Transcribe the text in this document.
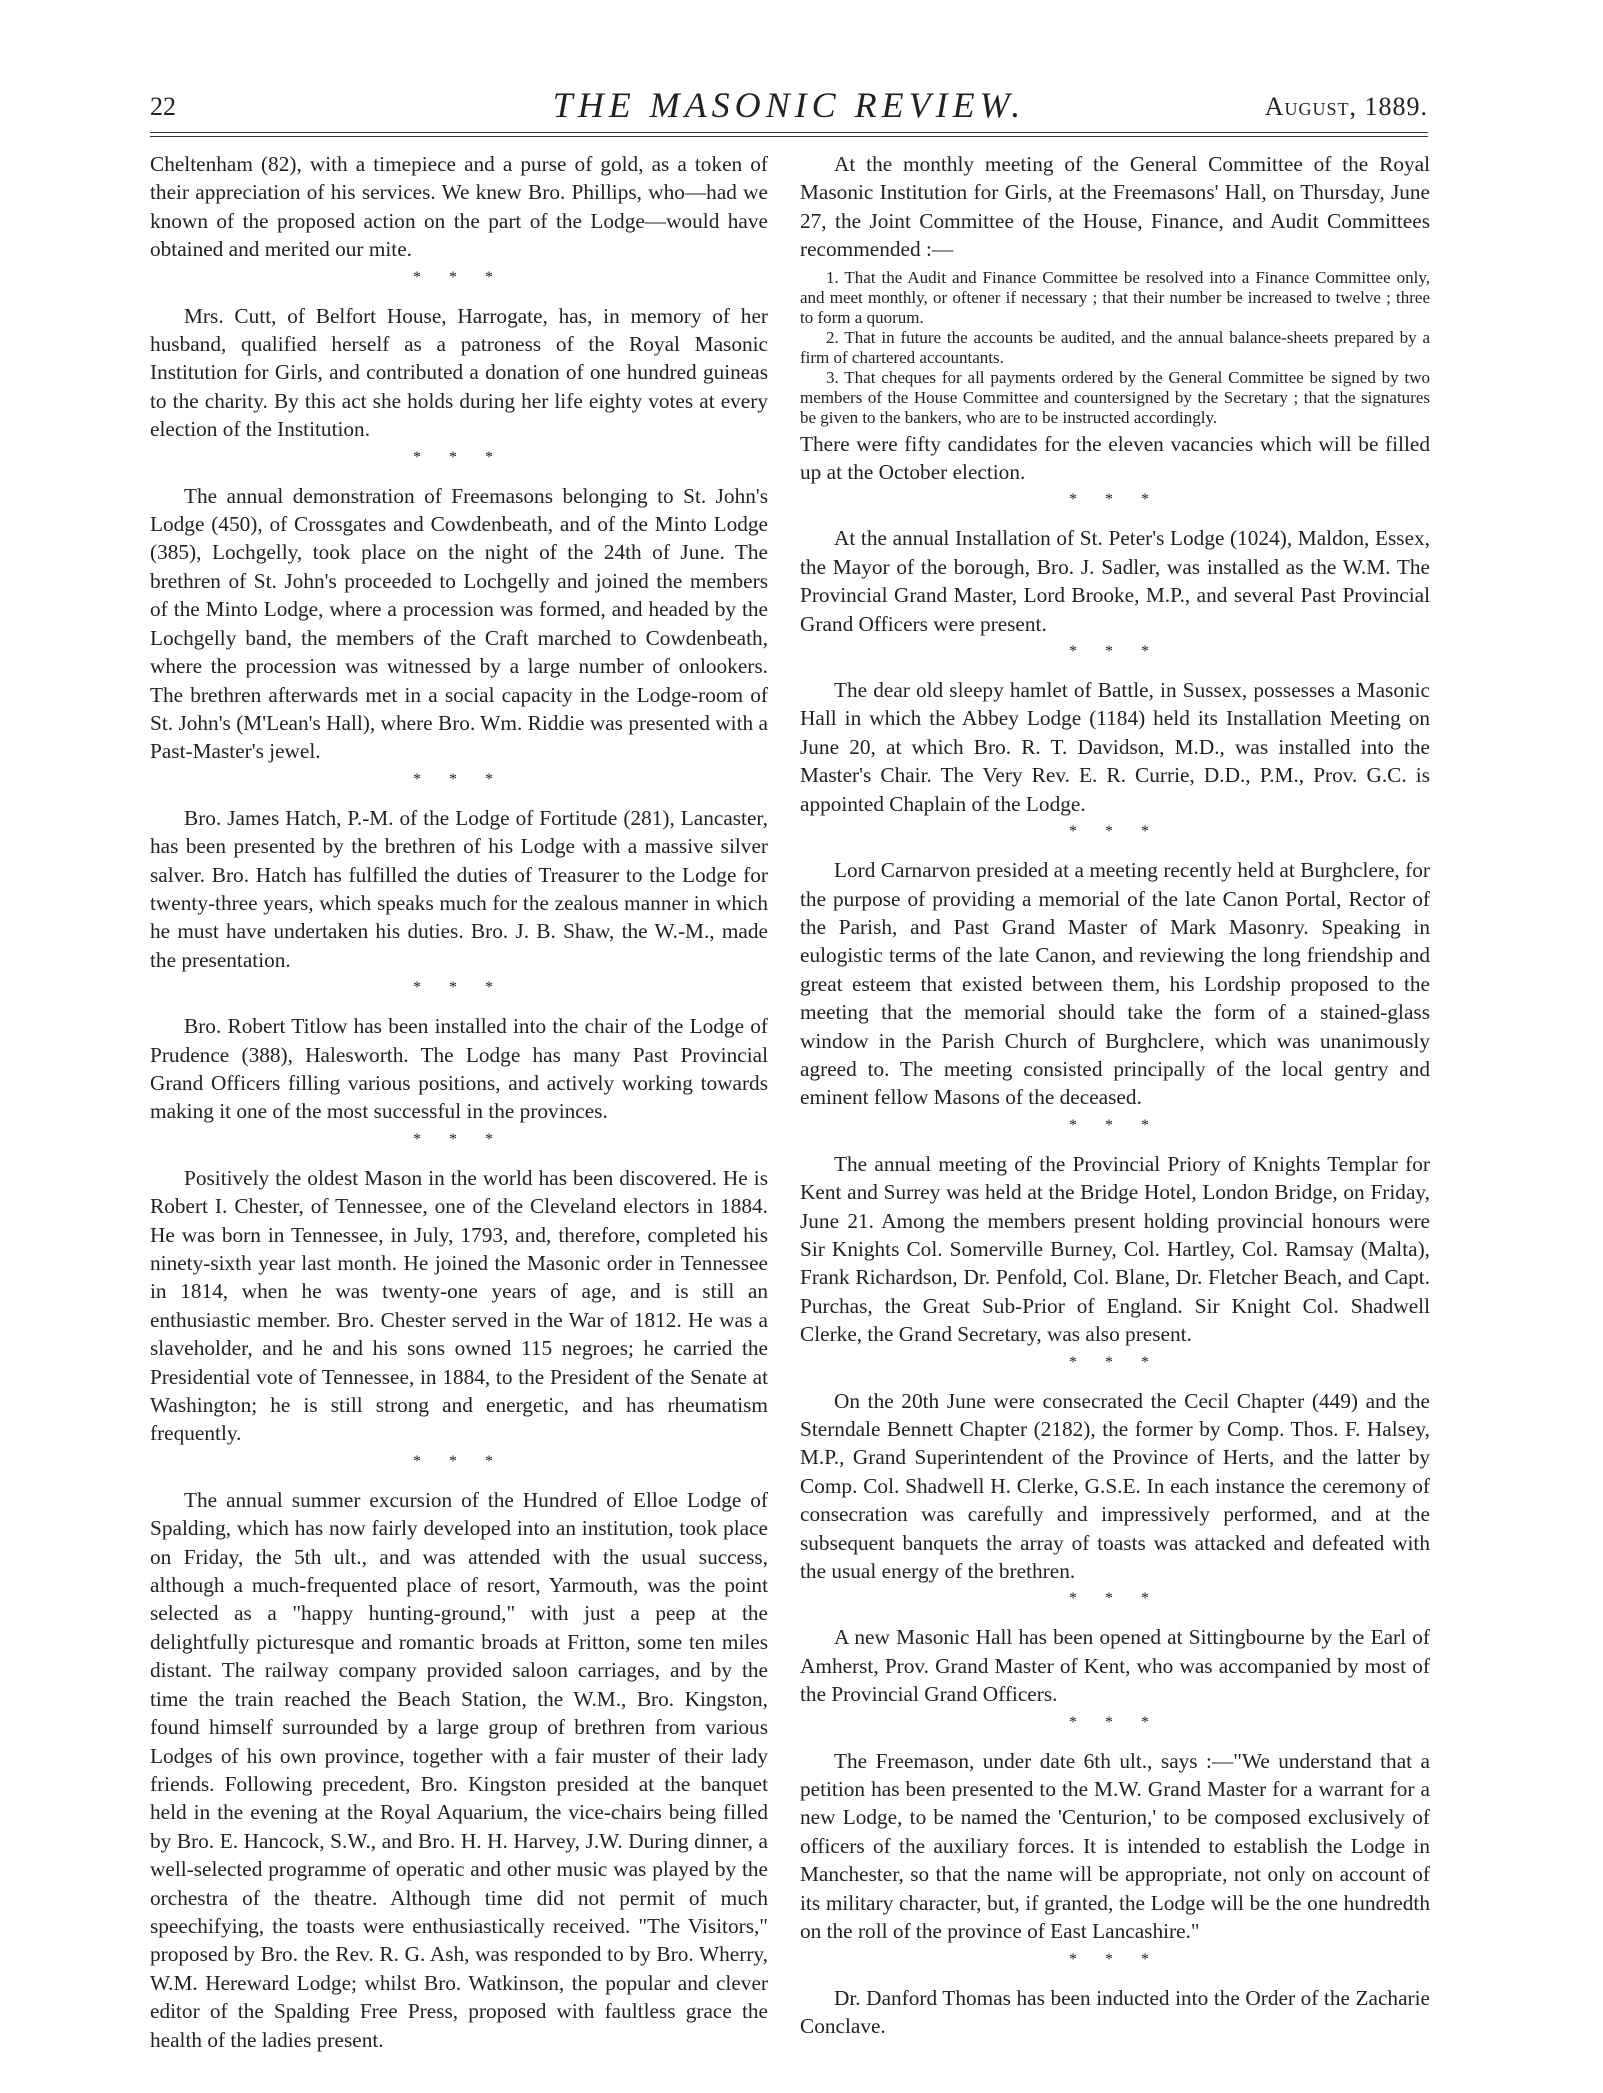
22	THE MASONIC REVIEW.	August, 1889.

Cheltenham (82), with a timepiece and a purse of gold, as a token of their appreciation of his services. We knew Bro. Phillips, who—had we known of the proposed action on the part of the Lodge—would have obtained and merited our mite.

* * *

Mrs. Cutt, of Belfort House, Harrogate, has, in memory of her husband, qualified herself as a patroness of the Royal Masonic Institution for Girls, and contributed a donation of one hundred guineas to the charity. By this act she holds during her life eighty votes at every election of the Institution.

* * *

The annual demonstration of Freemasons belonging to St. John's Lodge (450), of Crossgates and Cowdenbeath, and of the Minto Lodge (385), Lochgelly, took place on the night of the 24th of June. The brethren of St. John's proceeded to Lochgelly and joined the members of the Minto Lodge, where a procession was formed, and headed by the Lochgelly band, the members of the Craft marched to Cowdenbeath, where the procession was witnessed by a large number of onlookers. The brethren afterwards met in a social capacity in the Lodge-room of St. John's (M'Lean's Hall), where Bro. Wm. Riddie was presented with a Past-Master's jewel.

* * *

Bro. James Hatch, P.-M. of the Lodge of Fortitude (281), Lancaster, has been presented by the brethren of his Lodge with a massive silver salver. Bro. Hatch has fulfilled the duties of Treasurer to the Lodge for twenty-three years, which speaks much for the zealous manner in which he must have undertaken his duties. Bro. J. B. Shaw, the W.-M., made the presentation.

* * *

Bro. Robert Titlow has been installed into the chair of the Lodge of Prudence (388), Halesworth. The Lodge has many Past Provincial Grand Officers filling various positions, and actively working towards making it one of the most successful in the provinces.

* * *

Positively the oldest Mason in the world has been discovered. He is Robert I. Chester, of Tennessee, one of the Cleveland electors in 1884. He was born in Tennessee, in July, 1793, and, therefore, completed his ninety-sixth year last month. He joined the Masonic order in Tennessee in 1814, when he was twenty-one years of age, and is still an enthusiastic member. Bro. Chester served in the War of 1812. He was a slaveholder, and he and his sons owned 115 negroes; he carried the Presidential vote of Tennessee, in 1884, to the President of the Senate at Washington; he is still strong and energetic, and has rheumatism frequently.

* * *

The annual summer excursion of the Hundred of Elloe Lodge of Spalding, which has now fairly developed into an institution, took place on Friday, the 5th ult., and was attended with the usual success, although a much-frequented place of resort, Yarmouth, was the point selected as a "happy hunting-ground," with just a peep at the delightfully picturesque and romantic broads at Fritton, some ten miles distant. The railway company provided saloon carriages, and by the time the train reached the Beach Station, the W.M., Bro. Kingston, found himself surrounded by a large group of brethren from various Lodges of his own province, together with a fair muster of their lady friends. Following precedent, Bro. Kingston presided at the banquet held in the evening at the Royal Aquarium, the vice-chairs being filled by Bro. E. Hancock, S.W., and Bro. H. H. Harvey, J.W. During dinner, a well-selected programme of operatic and other music was played by the orchestra of the theatre. Although time did not permit of much speechifying, the toasts were enthusiastically received. "The Visitors," proposed by Bro. the Rev. R. G. Ash, was responded to by Bro. Wherry, W.M. Hereward Lodge; whilst Bro. Watkinson, the popular and clever editor of the Spalding Free Press, proposed with faultless grace the health of the ladies present.

At the monthly meeting of the General Committee of the Royal Masonic Institution for Girls, at the Freemasons' Hall, on Thursday, June 27, the Joint Committee of the House, Finance, and Audit Committees recommended :—

1. That the Audit and Finance Committee be resolved into a Finance Committee only, and meet monthly, or oftener if necessary ; that their number be increased to twelve ; three to form a quorum.

2. That in future the accounts be audited, and the annual balance-sheets prepared by a firm of chartered accountants.

3. That cheques for all payments ordered by the General Committee be signed by two members of the House Committee and countersigned by the Secretary ; that the signatures be given to the bankers, who are to be instructed accordingly.

There were fifty candidates for the eleven vacancies which will be filled up at the October election.

* * *

At the annual Installation of St. Peter's Lodge (1024), Maldon, Essex, the Mayor of the borough, Bro. J. Sadler, was installed as the W.M. The Provincial Grand Master, Lord Brooke, M.P., and several Past Provincial Grand Officers were present.

* * *

The dear old sleepy hamlet of Battle, in Sussex, possesses a Masonic Hall in which the Abbey Lodge (1184) held its Installation Meeting on June 20, at which Bro. R. T. Davidson, M.D., was installed into the Master's Chair. The Very Rev. E. R. Currie, D.D., P.M., Prov. G.C. is appointed Chaplain of the Lodge.

* * *

Lord Carnarvon presided at a meeting recently held at Burghclere, for the purpose of providing a memorial of the late Canon Portal, Rector of the Parish, and Past Grand Master of Mark Masonry. Speaking in eulogistic terms of the late Canon, and reviewing the long friendship and great esteem that existed between them, his Lordship proposed to the meeting that the memorial should take the form of a stained-glass window in the Parish Church of Burghclere, which was unanimously agreed to. The meeting consisted principally of the local gentry and eminent fellow Masons of the deceased.

* * *

The annual meeting of the Provincial Priory of Knights Templar for Kent and Surrey was held at the Bridge Hotel, London Bridge, on Friday, June 21. Among the members present holding provincial honours were Sir Knights Col. Somerville Burney, Col. Hartley, Col. Ramsay (Malta), Frank Richardson, Dr. Penfold, Col. Blane, Dr. Fletcher Beach, and Capt. Purchas, the Great Sub-Prior of England. Sir Knight Col. Shadwell Clerke, the Grand Secretary, was also present.

* * *

On the 20th June were consecrated the Cecil Chapter (449) and the Sterndale Bennett Chapter (2182), the former by Comp. Thos. F. Halsey, M.P., Grand Superintendent of the Province of Herts, and the latter by Comp. Col. Shadwell H. Clerke, G.S.E. In each instance the ceremony of consecration was carefully and impressively performed, and at the subsequent banquets the array of toasts was attacked and defeated with the usual energy of the brethren.

* * *

A new Masonic Hall has been opened at Sittingbourne by the Earl of Amherst, Prov. Grand Master of Kent, who was accompanied by most of the Provincial Grand Officers.

* * *

The Freemason, under date 6th ult., says :—"We understand that a petition has been presented to the M.W. Grand Master for a warrant for a new Lodge, to be named the 'Centurion,' to be composed exclusively of officers of the auxiliary forces. It is intended to establish the Lodge in Manchester, so that the name will be appropriate, not only on account of its military character, but, if granted, the Lodge will be the one hundredth on the roll of the province of East Lancashire."

* * *

Dr. Danford Thomas has been inducted into the Order of the Zacharie Conclave.
